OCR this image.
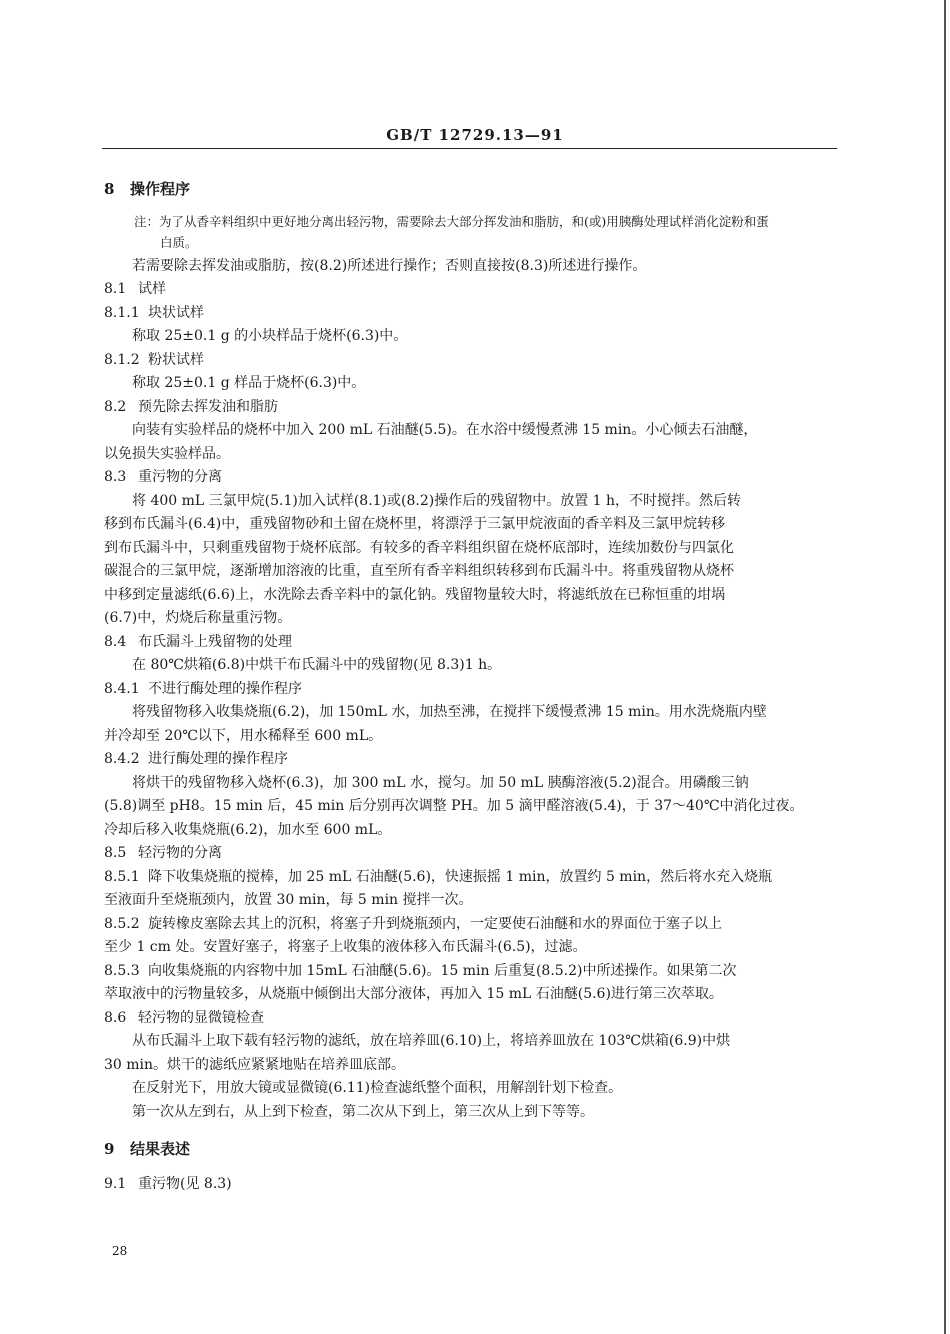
GB/T 12729.13—91

8 操作程序

注：为了从香辛料组织中更好地分离出轻污物，需要除去大部分挥发油和脂肪，和(或)用胰酶处理试样消化淀粉和蛋
白质。

若需要除去挥发油或脂肪，按(8.2)所述进行操作；否则直接按(8.3)所述进行操作。

8.1 试样

8.1.1 块状试样

称取 25±0.1 g 的小块样品于烧杯(6.3)中。

8.1.2 粉状试样

称取 25±0.1 g 样品于烧杯(6.3)中。

8.2 预先除去挥发油和脂肪

向装有实验样品的烧杯中加入 200 mL 石油醚(5.5)。在水浴中缓慢煮沸 15 min。小心倾去石油醚，

以免损失实验样品。

8.3 重污物的分离

将 400 mL 三氯甲烷(5.1)加入试样(8.1)或(8.2)操作后的残留物中。放置 1 h，不时搅拌。然后转

移到布氏漏斗(6.4)中，重残留物砂和土留在烧杯里，将漂浮于三氯甲烷液面的香辛料及三氯甲烷转移

到布氏漏斗中，只剩重残留物于烧杯底部。有较多的香辛料组织留在烧杯底部时，连续加数份与四氯化

碳混合的三氯甲烷，逐渐增加溶液的比重，直至所有香辛料组织转移到布氏漏斗中。将重残留物从烧杯

中移到定量滤纸(6.6)上，水洗除去香辛料中的氯化钠。残留物量较大时，将滤纸放在已称恒重的坩埚

(6.7)中，灼烧后称量重污物。

8.4 布氏漏斗上残留物的处理

在 80℃烘箱(6.8)中烘干布氏漏斗中的残留物(见 8.3)1 h。

8.4.1 不进行酶处理的操作程序

将残留物移入收集烧瓶(6.2)，加 150mL 水，加热至沸，在搅拌下缓慢煮沸 15 min。用水洗烧瓶内壁

并冷却至 20℃以下，用水稀释至 600 mL。

8.4.2 进行酶处理的操作程序

将烘干的残留物移入烧杯(6.3)，加 300 mL 水，搅匀。加 50 mL 胰酶溶液(5.2)混合。用磷酸三钠

(5.8)调至 pH8。15 min 后，45 min 后分别再次调整 PH。加 5 滴甲醛溶液(5.4)，于 37～40℃中消化过夜。

冷却后移入收集烧瓶(6.2)，加水至 600 mL。

8.5 轻污物的分离

8.5.1 降下收集烧瓶的搅棒，加 25 mL 石油醚(5.6)，快速振摇 1 min，放置约 5 min，然后将水充入烧瓶

至液面升至烧瓶颈内，放置 30 min，每 5 min 搅拌一次。

8.5.2 旋转橡皮塞除去其上的沉积，将塞子升到烧瓶颈内，一定要使石油醚和水的界面位于塞子以上

至少 1 cm 处。安置好塞子，将塞子上收集的液体移入布氏漏斗(6.5)，过滤。

8.5.3 向收集烧瓶的内容物中加 15mL 石油醚(5.6)。15 min 后重复(8.5.2)中所述操作。如果第二次

萃取液中的污物量较多，从烧瓶中倾倒出大部分液体，再加入 15 mL 石油醚(5.6)进行第三次萃取。

8.6 轻污物的显微镜检查

从布氏漏斗上取下载有轻污物的滤纸，放在培养皿(6.10)上，将培养皿放在 103℃烘箱(6.9)中烘

30 min。烘干的滤纸应紧紧地贴在培养皿底部。

在反射光下，用放大镜或显微镜(6.11)检查滤纸整个面积，用解剖针划下检查。

第一次从左到右，从上到下检查，第二次从下到上，第三次从上到下等等。

9 结果表述

9.1 重污物(见 8.3)

28
